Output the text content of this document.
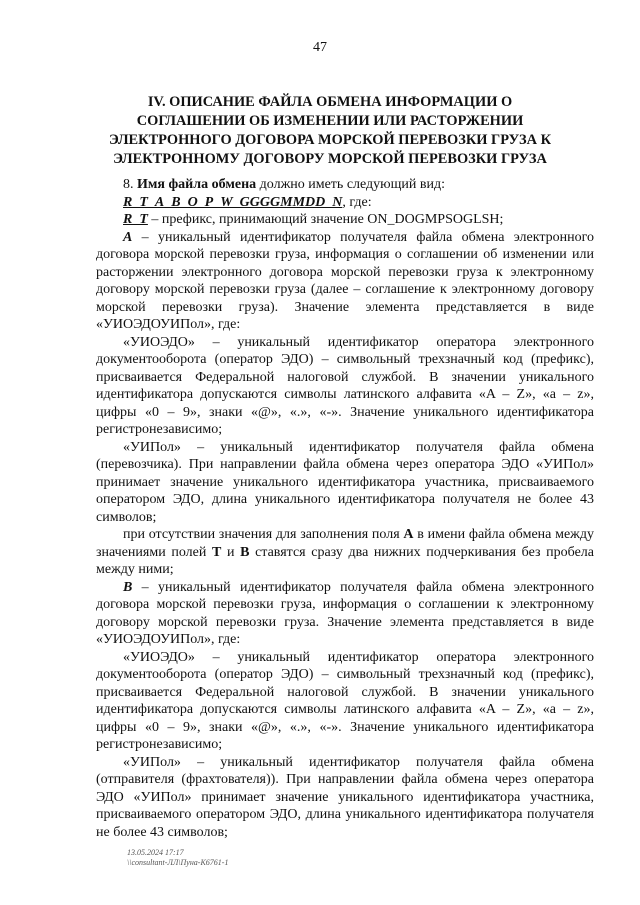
47
IV. ОПИСАНИЕ ФАЙЛА ОБМЕНА ИНФОРМАЦИИ О
СОГЛАШЕНИИ ОБ ИЗМЕНЕНИИ ИЛИ РАСТОРЖЕНИИ
ЭЛЕКТРОННОГО ДОГОВОРА МОРСКОЙ ПЕРЕВОЗКИ ГРУЗА К
ЭЛЕКТРОННОМУ ДОГОВОРУ МОРСКОЙ ПЕРЕВОЗКИ ГРУЗА

8. Имя файла обмена должно иметь следующий вид:

R_T_A_B_O_P_W_GGGGMMDD_N, где:

R_T – префикс, принимающий значение ON_DOGMPSOGLSH;

A – уникальный идентификатор получателя файла обмена электронного договора морской перевозки груза, информация о соглашении об изменении или расторжении электронного договора морской перевозки груза к электронному договору морской перевозки груза (далее – соглашение к электронному договору морской перевозки груза). Значение элемента представляется в виде «УИОЭДОУИПол», где:

«УИОЭДО» – уникальный идентификатор оператора электронного документооборота (оператор ЭДО) – символьный трехзначный код (префикс), присваивается Федеральной налоговой службой. В значении уникального идентификатора допускаются символы латинского алфавита «A – Z», «a – z», цифры «0 – 9», знаки «@», «.», «-». Значение уникального идентификатора регистронезависимо;

«УИПол» – уникальный идентификатор получателя файла обмена (перевозчика). При направлении файла обмена через оператора ЭДО «УИПол» принимает значение уникального идентификатора участника, присваиваемого оператором ЭДО, длина уникального идентификатора получателя не более 43 символов;

при отсутствии значения для заполнения поля А в имени файла обмена между значениями полей Т и В ставятся сразу два нижних подчеркивания без пробела между ними;

B – уникальный идентификатор получателя файла обмена электронного договора морской перевозки груза, информация о соглашении к электронному договору морской перевозки груза. Значение элемента представляется в виде «УИОЭДОУИПол», где:

«УИОЭДО» – уникальный идентификатор оператора электронного документооборота (оператор ЭДО) – символьный трехзначный код (префикс), присваивается Федеральной налоговой службой. В значении уникального идентификатора допускаются символы латинского алфавита «A – Z», «a – z», цифры «0 – 9», знаки «@», «.», «-». Значение уникального идентификатора регистронезависимо;

«УИПол» – уникальный идентификатор получателя файла обмена (отправителя (фрахтователя)). При направлении файла обмена через оператора ЭДО «УИПол» принимает значение уникального идентификатора участника, присваиваемого оператором ЭДО, длина уникального идентификатора получателя не более 43 символов;

13.05.2024 17:17
\\consultant-ЛЛ\Пуна-К6761-1
